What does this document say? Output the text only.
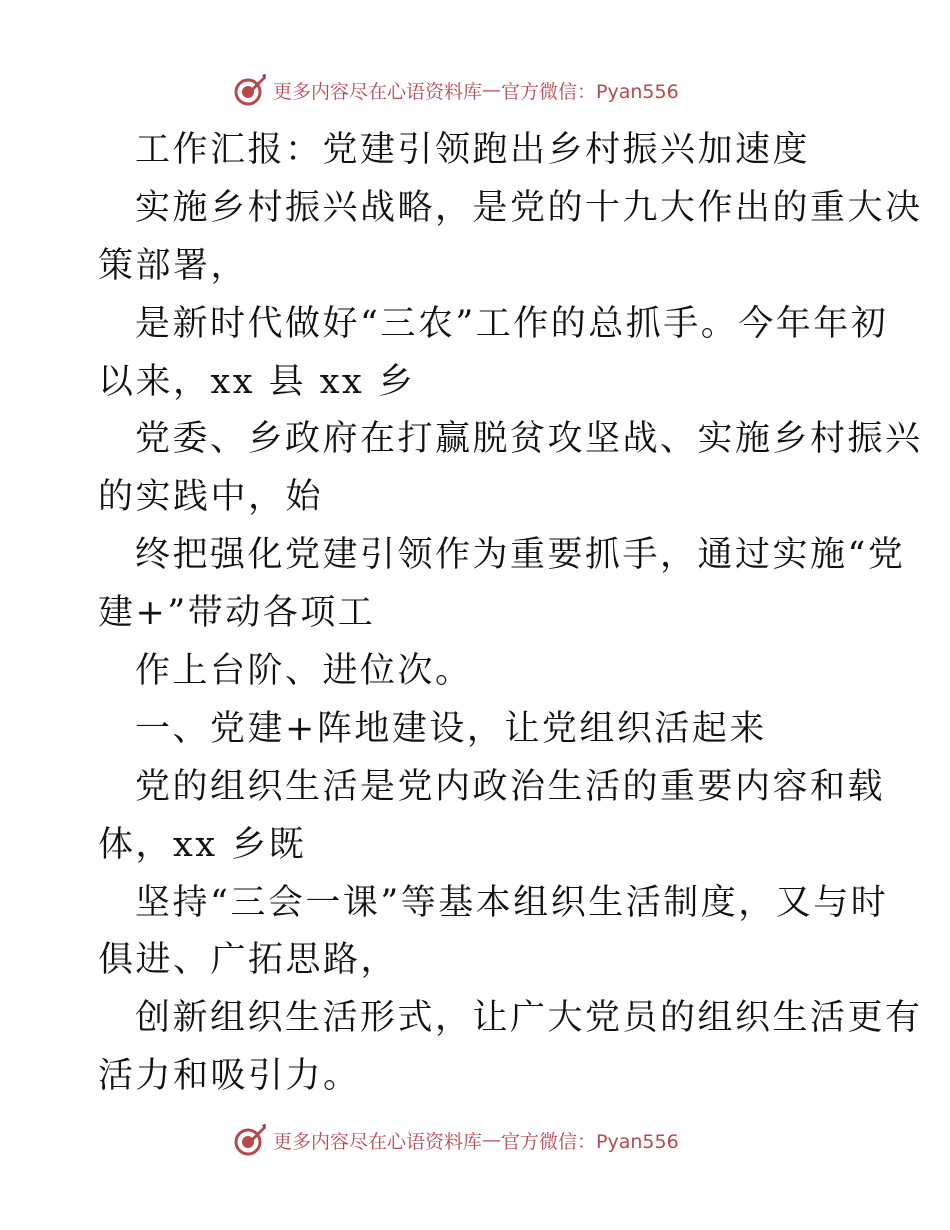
更多内容尽在心语资料库 — 官方微信：Pyan556
工作汇报：党建引领跑出乡村振兴加速度
实施乡村振兴战略，是党的十九大作出的重大决
策部署，
是新时代做好“三农”工作的总抓手。今年年初
以来，xx 县 xx 乡
党委、乡政府在打赢脱贫攻坚战、实施乡村振兴
的实践中，始
终把强化党建引领作为重要抓手，通过实施“党
建+”带动各项工
作上台阶、进位次。
一、党建+阵地建设，让党组织活起来
党的组织生活是党内政治生活的重要内容和载
体，xx 乡既
坚持“三会一课”等基本组织生活制度，又与时
俱进、广拓思路，
创新组织生活形式，让广大党员的组织生活更有
活力和吸引力。
更多内容尽在心语资料库 — 官方微信：Pyan556
